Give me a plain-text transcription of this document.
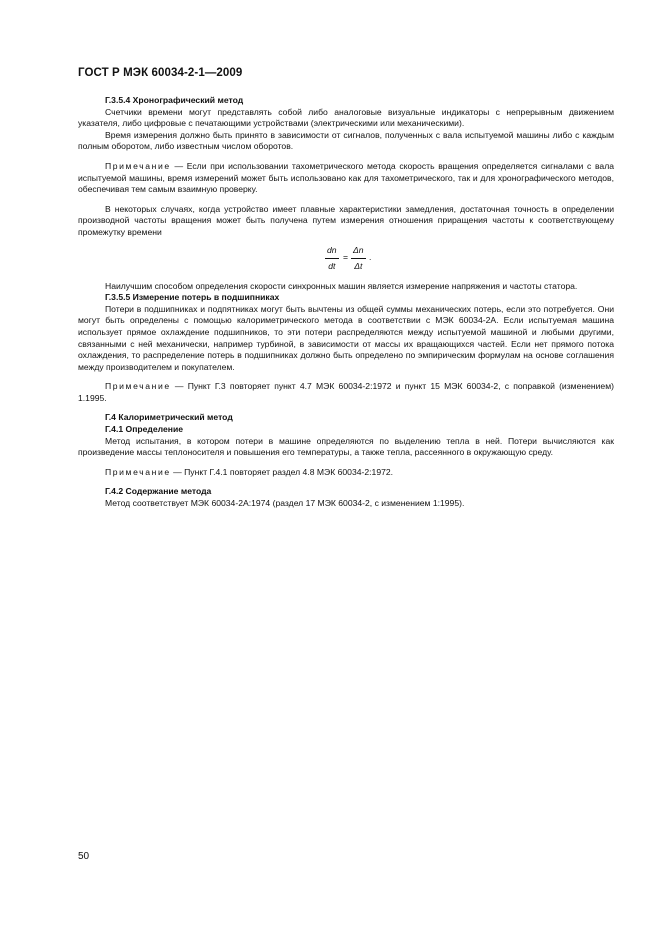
ГОСТ Р МЭК 60034-2-1—2009

Г.3.5.4 Хронографический метод

Счетчики времени могут представлять собой либо аналоговые визуальные индикаторы с непрерывным движением указателя, либо цифровые с печатающими устройствами (электрическими или механическими).

Время измерения должно быть принято в зависимости от сигналов, полученных с вала испытуемой машины либо с каждым полным оборотом, либо известным числом оборотов.

Примечание — Если при использовании тахометрического метода скорость вращения определяется сигналами с вала испытуемой машины, время измерений может быть использовано как для тахометрического, так и для хронографического методов, обеспечивая тем самым взаимную проверку.

В некоторых случаях, когда устройство имеет плавные характеристики замедления, достаточная точность в определении производной частоты вращения может быть получена путем измерения отношения приращения частоты к соответствующему промежутку времени

$\frac{dn}{dt} = \frac{\Delta n}{\Delta t}$ .

Наилучшим способом определения скорости синхронных машин является измерение напряжения и частоты статора.

Г.3.5.5 Измерение потерь в подшипниках

Потери в подшипниках и подпятниках могут быть вычтены из общей суммы механических потерь, если это потребуется. Они могут быть определены с помощью калориметрического метода в соответствии с МЭК 60034-2А. Если испытуемая машина использует прямое охлаждение подшипников, то эти потери распределяются между испытуемой машиной и любыми другими, связанными с ней механически, например турбиной, в зависимости от массы их вращающихся частей. Если нет прямого потока охлаждения, то распределение потерь в подшипниках должно быть определено по эмпирическим формулам на основе соглашения между производителем и покупателем.

Примечание — Пункт Г.3 повторяет пункт 4.7 МЭК 60034-2:1972 и пункт 15 МЭК 60034-2, с поправкой (изменением) 1.1995.

Г.4 Калориметрический метод

Г.4.1 Определение

Метод испытания, в котором потери в машине определяются по выделению тепла в ней. Потери вычисляются как произведение массы теплоносителя и повышения его температуры, а также тепла, рассеянного в окружающую среду.

Примечание — Пункт Г.4.1 повторяет раздел 4.8 МЭК 60034-2:1972.

Г.4.2 Содержание метода

Метод соответствует МЭК 60034-2А:1974 (раздел 17 МЭК 60034-2, с изменением 1:1995).

50
